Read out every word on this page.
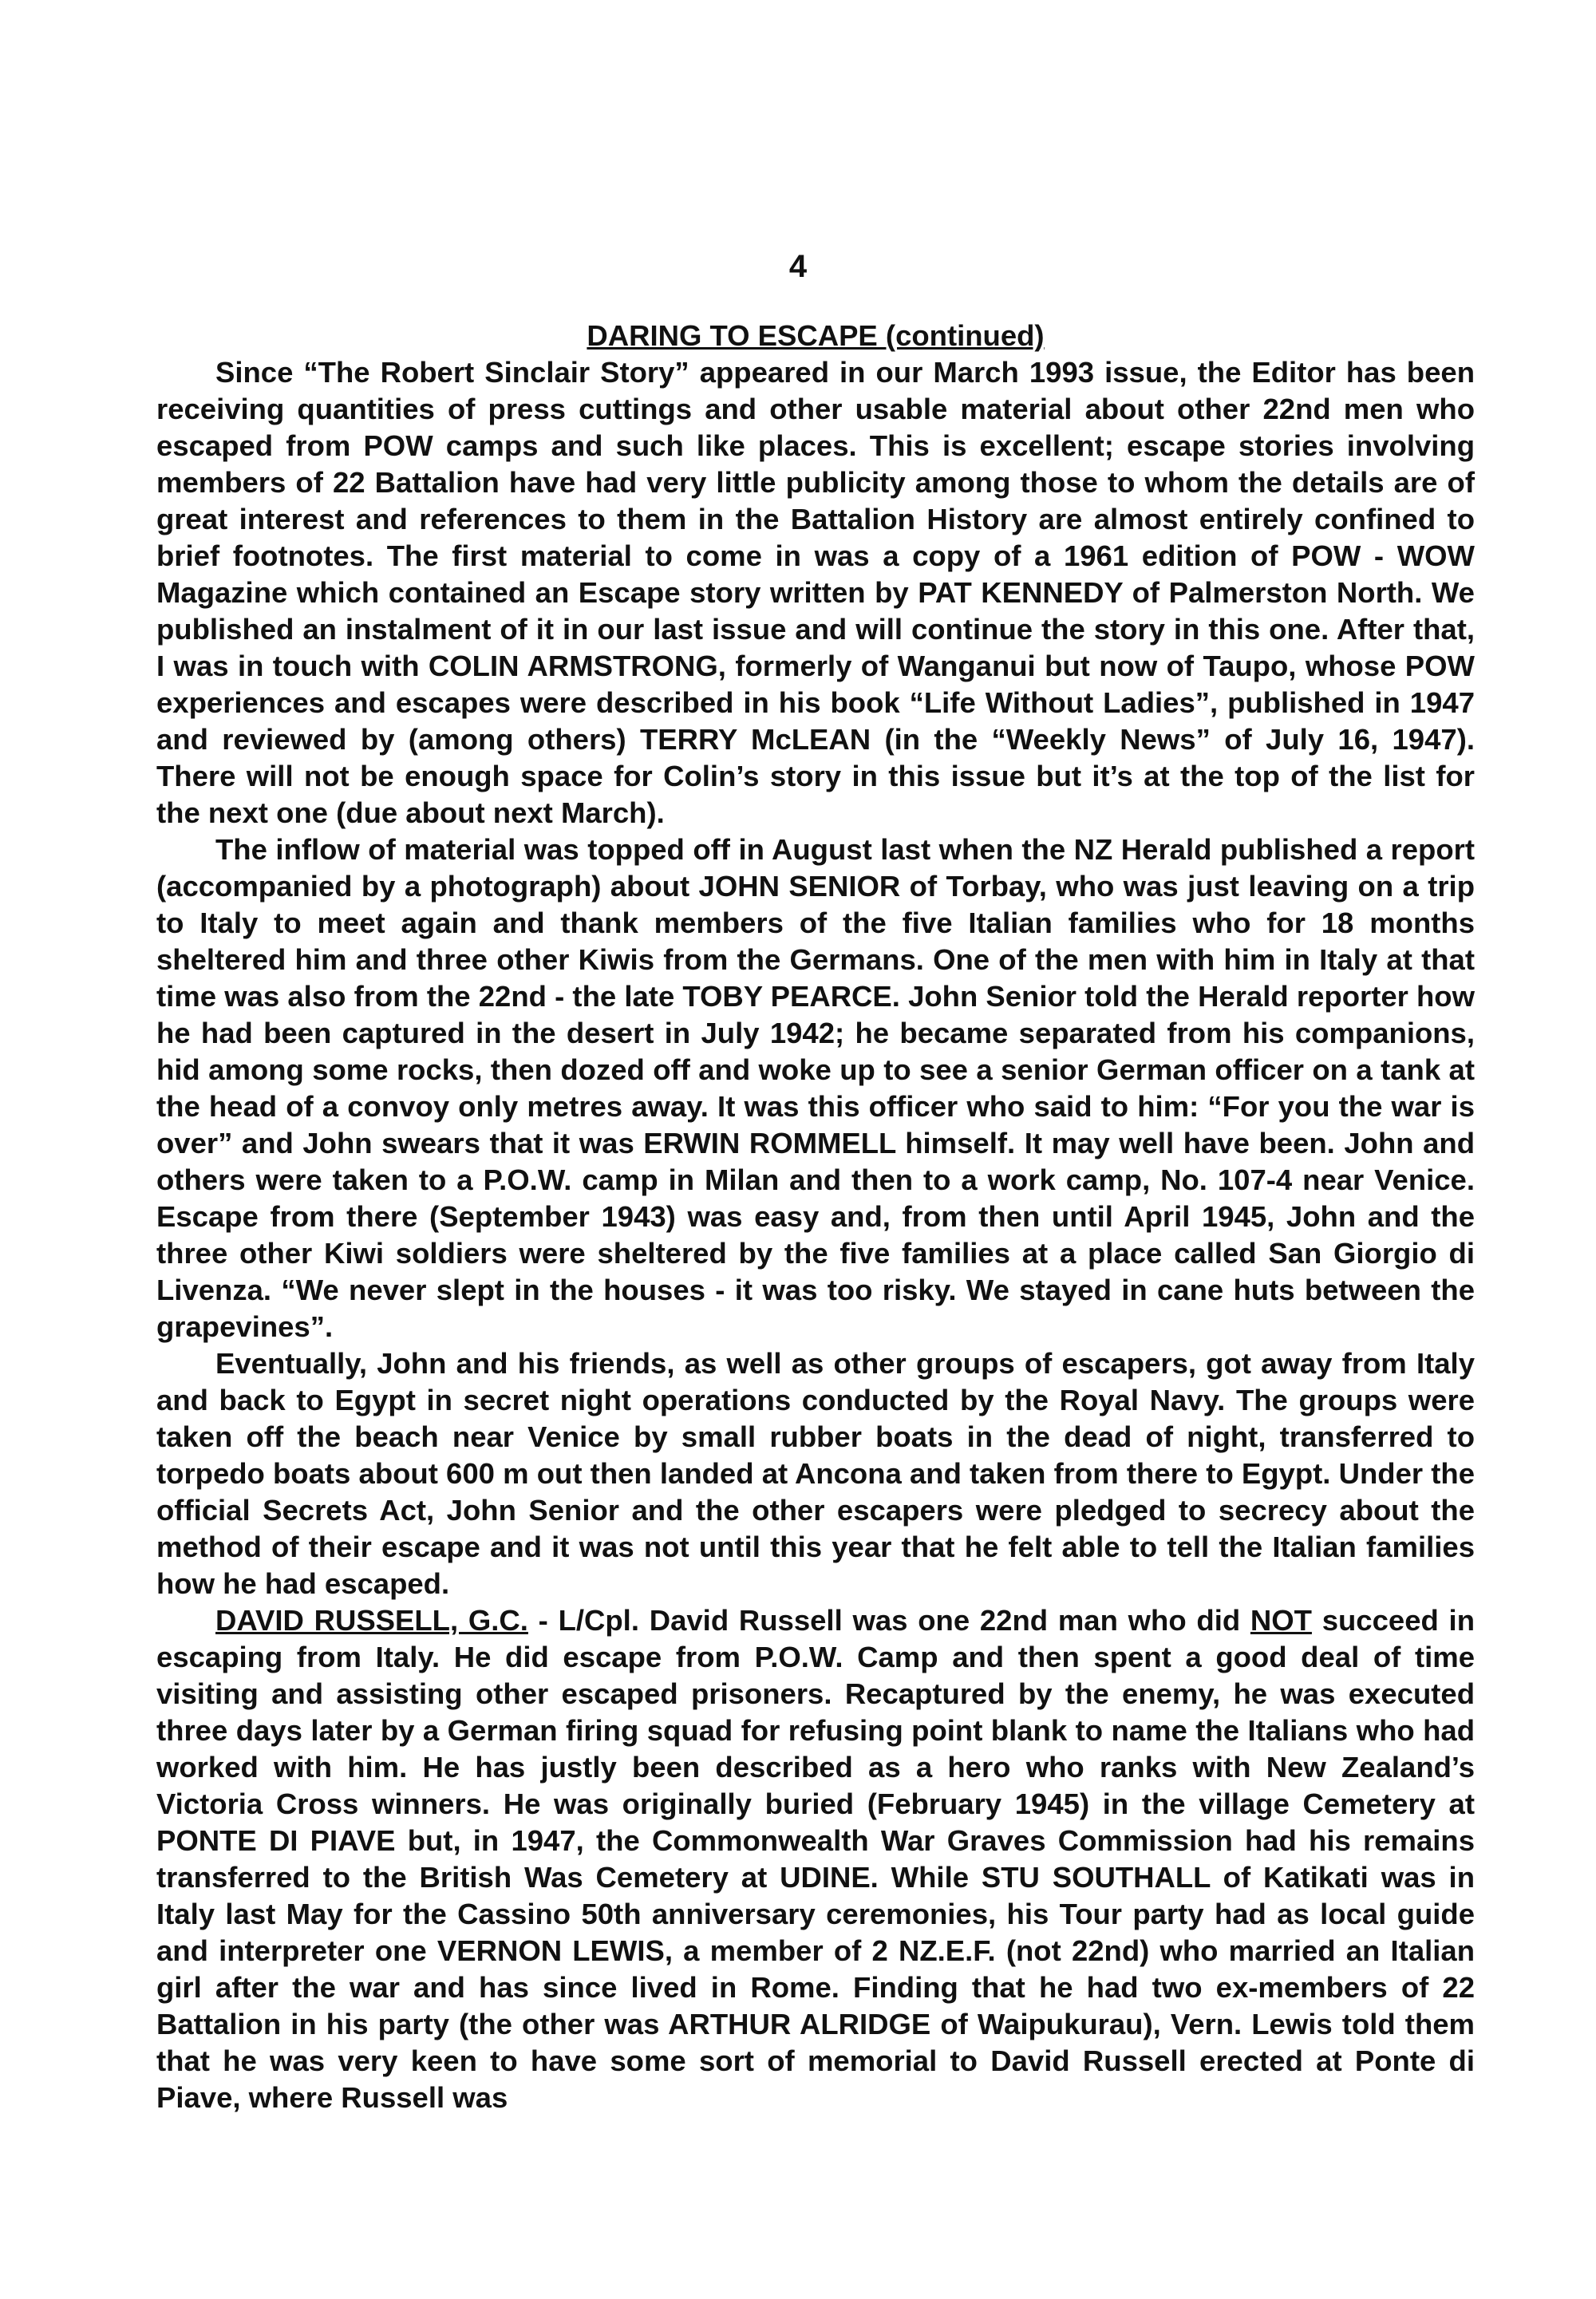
4

DARING TO ESCAPE (continued)

Since “The Robert Sinclair Story” appeared in our March 1993 issue, the Editor has been receiving quantities of press cuttings and other usable material about other 22nd men who escaped from POW camps and such like places. This is excellent; escape stories involving members of 22 Battalion have had very little publicity among those to whom the details are of great interest and references to them in the Battalion History are almost entirely confined to brief footnotes. The first material to come in was a copy of a 1961 edition of POW - WOW Magazine which contained an Escape story written by PAT KENNEDY of Palmerston North. We published an instalment of it in our last issue and will continue the story in this one. After that, I was in touch with COLIN ARMSTRONG, formerly of Wanganui but now of Taupo, whose POW experiences and escapes were described in his book “Life Without Ladies”, published in 1947 and reviewed by (among others) TERRY McLEAN (in the “Weekly News” of July 16, 1947). There will not be enough space for Colin’s story in this issue but it’s at the top of the list for the next one (due about next March).

The inflow of material was topped off in August last when the NZ Herald published a report (accompanied by a photograph) about JOHN SENIOR of Torbay, who was just leaving on a trip to Italy to meet again and thank members of the five Italian families who for 18 months sheltered him and three other Kiwis from the Germans. One of the men with him in Italy at that time was also from the 22nd - the late TOBY PEARCE. John Senior told the Herald reporter how he had been captured in the desert in July 1942; he became separated from his companions, hid among some rocks, then dozed off and woke up to see a senior German officer on a tank at the head of a convoy only metres away. It was this officer who said to him: “For you the war is over” and John swears that it was ERWIN ROMMELL himself. It may well have been. John and others were taken to a P.O.W. camp in Milan and then to a work camp, No. 107-4 near Venice. Escape from there (September 1943) was easy and, from then until April 1945, John and the three other Kiwi soldiers were sheltered by the five families at a place called San Giorgio di Livenza. “We never slept in the houses - it was too risky. We stayed in cane huts between the grapevines”.

Eventually, John and his friends, as well as other groups of escapers, got away from Italy and back to Egypt in secret night operations conducted by the Royal Navy. The groups were taken off the beach near Venice by small rubber boats in the dead of night, transferred to torpedo boats about 600 m out then landed at Ancona and taken from there to Egypt. Under the official Secrets Act, John Senior and the other escapers were pledged to secrecy about the method of their escape and it was not until this year that he felt able to tell the Italian families how he had escaped.

DAVID RUSSELL, G.C. - L/Cpl. David Russell was one 22nd man who did NOT succeed in escaping from Italy. He did escape from P.O.W. Camp and then spent a good deal of time visiting and assisting other escaped prisoners. Recaptured by the enemy, he was executed three days later by a German firing squad for refusing point blank to name the Italians who had worked with him. He has justly been described as a hero who ranks with New Zealand’s Victoria Cross winners. He was originally buried (February 1945) in the village Cemetery at PONTE DI PIAVE but, in 1947, the Commonwealth War Graves Commission had his remains transferred to the British Was Cemetery at UDINE. While STU SOUTHALL of Katikati was in Italy last May for the Cassino 50th anniversary ceremonies, his Tour party had as local guide and interpreter one VERNON LEWIS, a member of 2 NZ.E.F. (not 22nd) who married an Italian girl after the war and has since lived in Rome. Finding that he had two ex-members of 22 Battalion in his party (the other was ARTHUR ALRIDGE of Waipukurau), Vern. Lewis told them that he was very keen to have some sort of memorial to David Russell erected at Ponte di Piave, where Russell was
